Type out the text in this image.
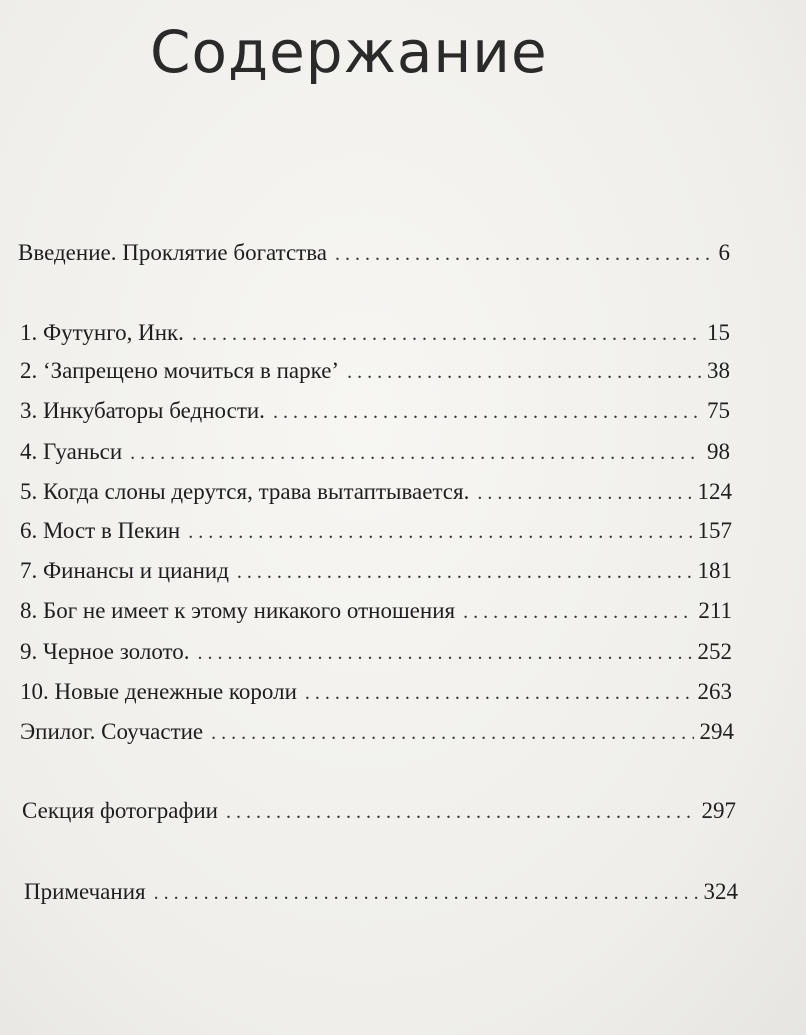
Содержание
Введение. Проклятие богатства . . .	6
1. Футунго, Инк. . . .	15
2. ‘Запрещено мочиться в парке’ . . .	38
3. Инкубаторы бедности. . . .	75
4. Гуаньси . . .	98
5. Когда слоны дерутся, трава вытаптывается. . . .	124
6. Мост в Пекин . . .	157
7. Финансы и цианид . . .	181
8. Бог не имеет к этому никакого отношения . . .	211
9. Черное золото. . . .	252
10. Новые денежные короли . . .	263
Эпилог. Соучастие . . .	294
Секция фотографии . . .	297
Примечания . . .	324
